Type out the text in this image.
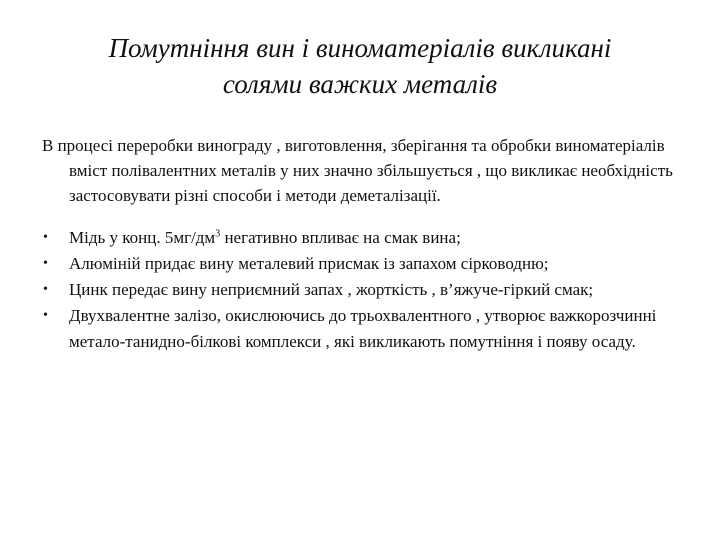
Помутніння вин і виноматеріалів викликані
солями важких металів

В процесі переробки винограду , виготовлення, зберігання та обробки виноматеріалів вміст полівалентних металів у них значно збільшується , що викликає необхідність застосовувати різні способи і методи деметалізації.

• Мідь у конц. $5мг/дм^3$ негативно впливає на смак вина;
• Алюміній придає вину металевий присмак із запахом сірководню;
• Цинк передає вину неприємний запах , жорткість , в’яжуче-гіркий смак;
• Двухвалентне залізо, окислюючись до трьохвалентного , утворює важкорозчинні метало-танидно-білкові комплекси , які викликають помутніння і появу осаду.
